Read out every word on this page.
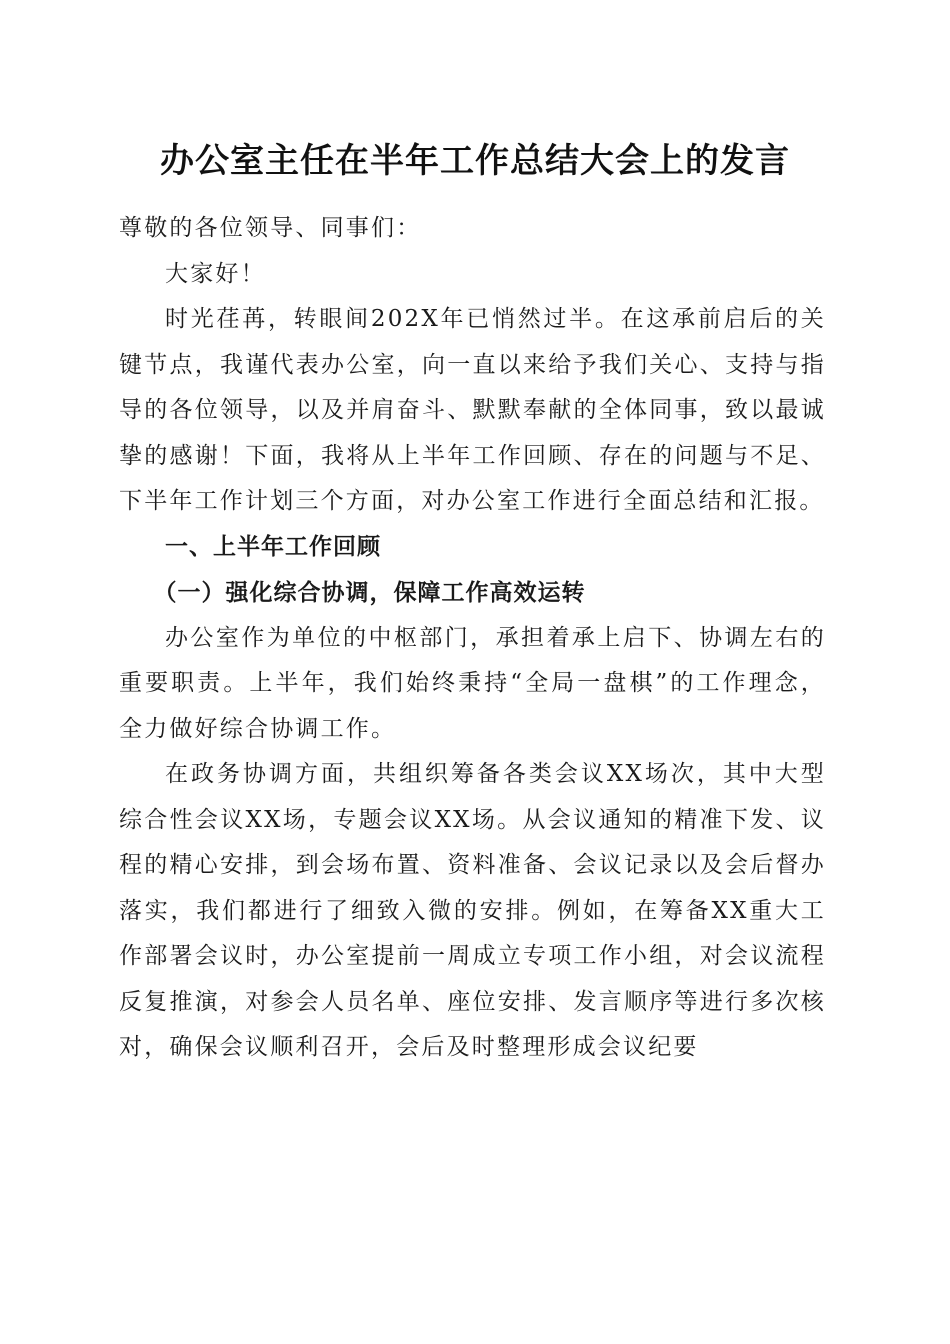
办公室主任在半年工作总结大会上的发言

尊敬的各位领导、同事们：

大家好！

时光荏苒，转眼间202X年已悄然过半。在这承前启后的关键节点，我谨代表办公室，向一直以来给予我们关心、支持与指导的各位领导，以及并肩奋斗、默默奉献的全体同事，致以最诚挚的感谢！下面，我将从上半年工作回顾、存在的问题与不足、下半年工作计划三个方面，对办公室工作进行全面总结和汇报。

一、上半年工作回顾

（一）强化综合协调，保障工作高效运转

办公室作为单位的中枢部门，承担着承上启下、协调左右的重要职责。上半年，我们始终秉持“全局一盘棋”的工作理念，全力做好综合协调工作。

在政务协调方面，共组织筹备各类会议XX场次，其中大型综合性会议XX场，专题会议XX场。从会议通知的精准下发、议程的精心安排，到会场布置、资料准备、会议记录以及会后督办落实，我们都进行了细致入微的安排。例如，在筹备XX重大工作部署会议时，办公室提前一周成立专项工作小组，对会议流程反复推演，对参会人员名单、座位安排、发言顺序等进行多次核对，确保会议顺利召开，会后及时整理形成会议纪要
